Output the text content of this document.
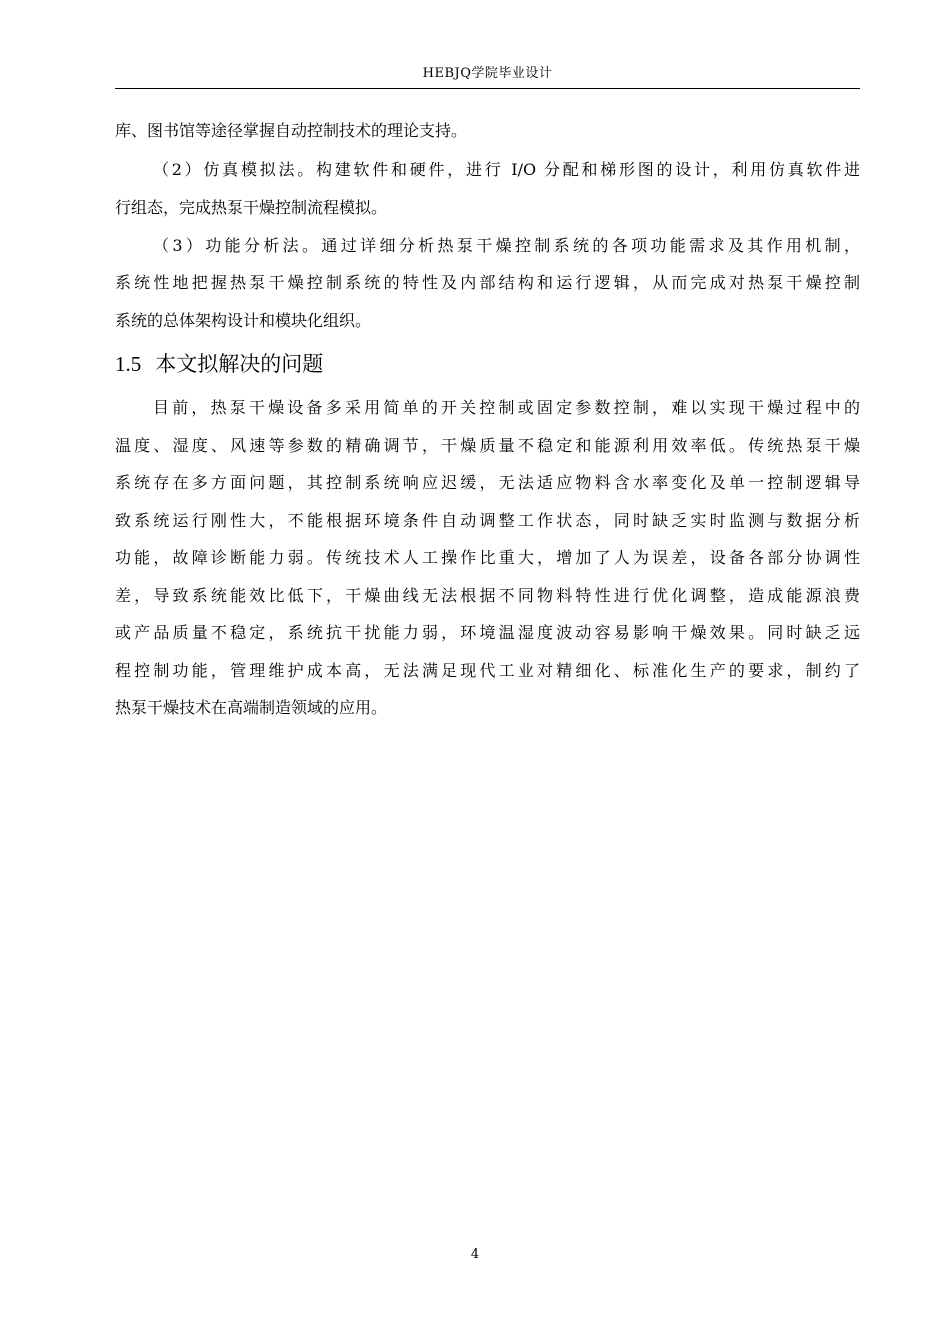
HEBJQ学院毕业设计
库、图书馆等途径掌握自动控制技术的理论支持。
（2）仿真模拟法。构建软件和硬件，进行 I/O 分配和梯形图的设计，利用仿真软件进
行组态，完成热泵干燥控制流程模拟。
（3）功能分析法。通过详细分析热泵干燥控制系统的各项功能需求及其作用机制，
系统性地把握热泵干燥控制系统的特性及内部结构和运行逻辑，从而完成对热泵干燥控制
系统的总体架构设计和模块化组织。
1.5 本文拟解决的问题
目前，热泵干燥设备多采用简单的开关控制或固定参数控制，难以实现干燥过程中的
温度、湿度、风速等参数的精确调节，干燥质量不稳定和能源利用效率低。传统热泵干燥
系统存在多方面问题，其控制系统响应迟缓，无法适应物料含水率变化及单一控制逻辑导
致系统运行刚性大，不能根据环境条件自动调整工作状态，同时缺乏实时监测与数据分析
功能，故障诊断能力弱。传统技术人工操作比重大，增加了人为误差，设备各部分协调性
差，导致系统能效比低下，干燥曲线无法根据不同物料特性进行优化调整，造成能源浪费
或产品质量不稳定，系统抗干扰能力弱，环境温湿度波动容易影响干燥效果。同时缺乏远
程控制功能，管理维护成本高，无法满足现代工业对精细化、标准化生产的要求，制约了
热泵干燥技术在高端制造领域的应用。
4
